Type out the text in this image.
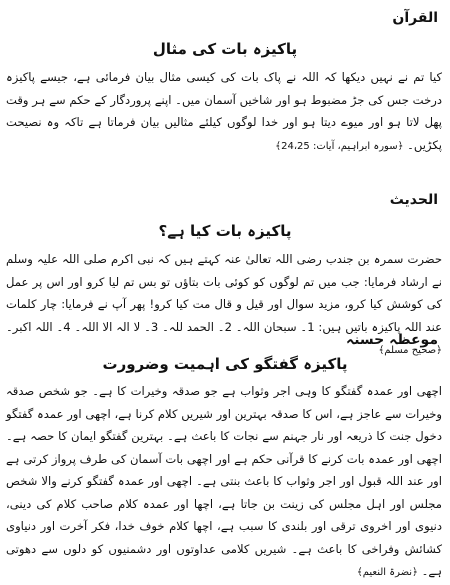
القرآن
پاکیزہ بات کی مثال

کیا تم نے نہیں دیکھا کہ اللہ نے پاک بات کی کیسی مثال بیان فرمائی ہے، جیسے پاکیزہ درخت جس کی جڑ مضبوط ہو اور شاخیں آسمان میں۔ اپنے پروردگار کے حکم سے ہر وقت پھل لاتا ہو اور میوے دیتا ہو اور خدا لوگوں کیلئے مثالیں بیان فرماتا ہے تاکہ وہ نصیحت پکڑیں۔ ﴿سورہ ابراہیم، آیات: 24،25﴾

الحدیث
پاکیزہ بات کیا ہے؟

حضرت سمرہ بن جندب رضی اللہ تعالیٰ عنہ کہتے ہیں کہ نبی اکرم صلی اللہ علیہ وسلم نے ارشاد فرمایا: جب میں تم لوگوں کو کوئی بات بتاؤں تو بس تم لیا کرو اور اس پر عمل کی کوشش کیا کرو، مزید سوال اور قیل و قال مت کیا کرو! پھر آپ نے فرمایا: چار کلمات عند اللہ پاکیزہ باتیں ہیں: 1۔ سبحان اللہ۔ 2۔ الحمد للہ۔ 3۔ لا الہ الا اللہ۔ 4۔ اللہ اکبر۔ ﴿صحیح مسلم﴾

موعظہ حسنہ
پاکیزہ گفتگو کی اہمیت وضرورت

اچھی اور عمدہ گفتگو کا وہی اجر وثواب ہے جو صدقہ وخیرات کا ہے۔ جو شخص صدقہ وخیرات سے عاجز ہے، اس کا صدقہ بہترین اور شیریں کلام کرنا ہے، اچھی اور عمدہ گفتگو دخول جنت کا ذریعہ اور نار جہنم سے نجات کا باعث ہے۔ بہترین گفتگو ایمان کا حصہ ہے۔ اچھی اور عمدہ بات کرنے کا قرآنی حکم ہے اور اچھی بات آسمان کی طرف پرواز کرتی ہے اور عند اللہ قبول اور اجر وثواب کا باعث بنتی ہے۔ اچھی اور عمدہ گفتگو کرنے والا شخص مجلس اور اہل مجلس کی زینت بن جاتا ہے، اچھا اور عمدہ کلام صاحب کلام کی دینی، دنیوی اور اخروی ترقی اور بلندی کا سبب ہے، اچھا کلام خوف خدا، فکر آخرت اور دنیاوی کشائش وفراخی کا باعث ہے۔ شیریں کلامی عداوتوں اور دشمنیوں کو دلوں سے دھوتی ہے۔ ﴿نضرۃ النعیم﴾
